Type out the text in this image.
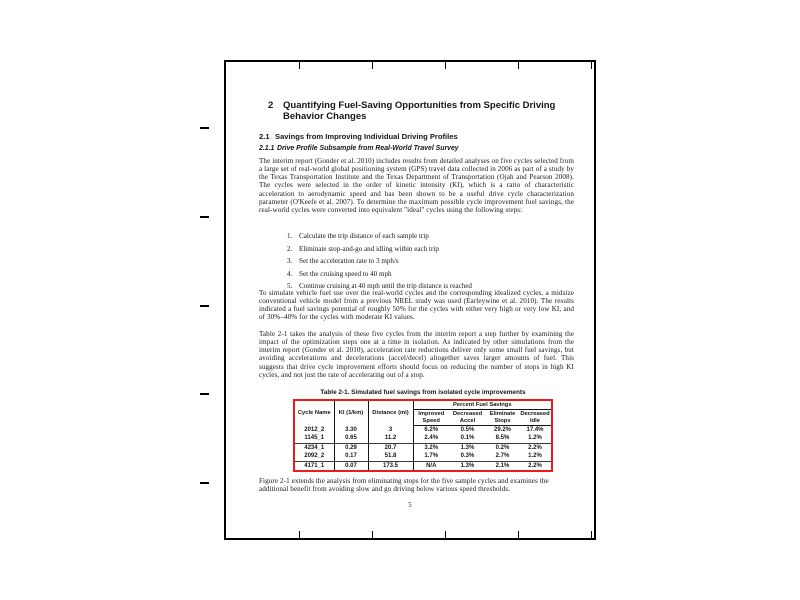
2	Quantifying Fuel-Saving Opportunities from Specific Driving Behavior Changes
2.1 Savings from Improving Individual Driving Profiles
2.1.1 Drive Profile Subsample from Real-World Travel Survey
The interim report (Gonder et al. 2010) includes results from detailed analyses on five cycles selected from a large set of real-world global positioning system (GPS) travel data collected in 2006 as part of a study by the Texas Transportation Institute and the Texas Department of Transportation (Ojah and Pearson 2008). The cycles were selected in the order of kinetic intensity (KI), which is a ratio of characteristic acceleration to aerodynamic speed and has been shown to be a useful drive cycle characterization parameter (O'Keefe et al. 2007). To determine the maximum possible cycle improvement fuel savings, the real-world cycles were converted into equivalent "ideal" cycles using the following steps:
1. Calculate the trip distance of each sample trip
2. Eliminate stop-and-go and idling within each trip
3. Set the acceleration rate to 3 mph/s
4. Set the cruising speed to 40 mph
5. Continue cruising at 40 mph until the trip distance is reached
To simulate vehicle fuel use over the real-world cycles and the corresponding idealized cycles, a midsize conventional vehicle model from a previous NREL study was used (Earleywine et al. 2010). The results indicated a fuel savings potential of roughly 50% for the cycles with either very high or very low KI, and of 30%–40% for the cycles with moderate KI values.
Table 2-1 takes the analysis of these five cycles from the interim report a step further by examining the impact of the optimization steps one at a time in isolation. As indicated by other simulations from the interim report (Gonder et al. 2010), acceleration rate reductions deliver only some small fuel savings, but avoiding accelerations and decelerations (accel/decel) altogether saves larger amounts of fuel. This suggests that drive cycle improvement efforts should focus on reducing the number of stops in high KI cycles, and not just the rate of accelerating out of a stop.
Table 2-1. Simulated fuel savings from isolated cycle improvements
Cycle Name	KI (1/km)	Distance (mi)	Percent Fuel Savings			
			Improved Speed	Decreased Accel	Eliminate Stops	Decreased Idle
2012_2	3.30	3	6.2%	0.5%	29.2%	17.4%
1145_1	0.65	11.2	2.4%	0.1%	8.5%	1.2%
4234_1	0.29	20.7	3.2%	1.3%	0.2%	2.2%
2092_2	0.17	51.8	1.7%	0.3%	2.7%	1.2%
4171_1	0.07	173.5	N/A	1.3%	2.1%	2.2%
Figure 2-1 extends the analysis from eliminating stops for the five sample cycles and examines the additional benefit from avoiding slow and go driving below various speed thresholds.
5
